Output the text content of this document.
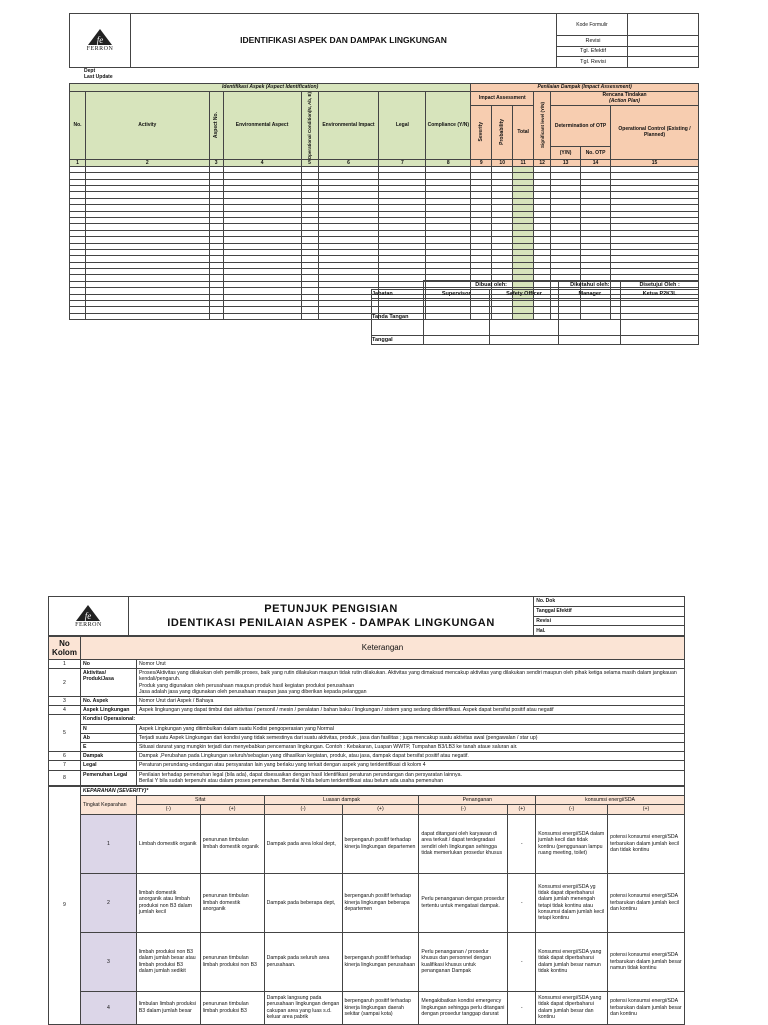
fe
FERRON	IDENTIFIKASI ASPEK DAN DAMPAK LINGKUNGAN	Kode Formulir	
		Revisi	
		Tgl. Efektif	
		Tgl. Revisi	
Dept
Last Update
Identifikasi Aspek (Aspect Identification)								Penilaian Dampak (Impact Assessment)						
No.	Activity	Aspect No.	Environmental Aspect	Operational Condition(N, Ab, E)	Environmental Impact	Legal	Compliance (Y/N)	Impact Assessment			Significant level (Y/N)	Rencana Tindakan
(Action Plan)		

								Severity	Probability	Total		Determination of OTP		Operational Control (Existing / Planned)
												(Y/N)	No. OTP	
1	2	3	4	5	6	7	8	9	10	11	12	13	14	15

	Dibuat oleh:		Diketahui oleh:	Disetujui Oleh :
Jabatan	Supervisor	Safety Officer	Manager	Ketua P2K3L
Tanda Tangan				
Tanggal				
fe
FERRON

PETUNJUK PENGISIAN
IDENTIKASI PENILAIAN ASPEK - DAMPAK LINGKUNGAN
	No. Dok
Tanggal Efektif
Revisi
Hal.
No Kolom	Keterangan	
1	No	Nomor Urut
2	Aktivitas/ Produk/Jasa	Proses/Aktivitas yang dilakukan oleh pemilik proses, baik yang rutin dilakukan maupun tidak rutin dilakukan. Aktivitas yang dimaksud mencakup aktivitas yang dilakukan sendiri maupun oleh pihak ketiga selama masih dalam jangkauan kendali/pengaruh.
Produk yang digunakan oleh perusahaan maupun produk hasil kegiatan produksi perusahaan
Jasa adalah jasa yang digunakan oleh perusahaan maupun jasa yang diberikan kepada pelanggan
3	No. Aspek	Nomor Urut dari Aspek / Bahaya
4	Aspek Lingkungan	Aspek lingkungan yang dapat timbul dari aktivitas / personil / mesin / peralatan / bahan baku / lingkungan / sistem yang sedang diidentifikasi. Aspek dapat bersifat positif atau negatif
5	Kondisi Operasional:	
	N	Aspek Lingkungan yang ditimbulkan dalam suatu Kodisi pengoperasian yang Normal
	Ab	Terjadi suatu Aspek Lingkungan dari kondisi yang tidak semestinya dari suatu aktivitas, produk , jasa dan fasilitas ; juga mencakup suatu aktivitas awal (pengawalan / star up)
	E	Situasi darurat yang mungkin terjadi dan menyebabkan pencemaran lingkungan. Contoh : Kebakaran, Luapan WWTP, Tumpahan B3/LB3 ke tanah ataue saluran air.
6	Dampak	Dampak ,Perubahan pada Lingkungan seluruh/sebagian yang dihasilkan kegiatan, produk, atau jasa, dampak dapat bersifat positif atau negatif.
7	Legal	Peraturan perundang-undangan atau persyaratan lain yang berlaku yang terkait dengan aspek yang teridentifikasi di kolom 4
8	Pemenuhan Legal	Penilaian terhadap pemenuhan legal (bila ada), dapat disesuaikan dengan hasil Identifikasi peraturan perundangan dan persyaratan lainnya.
Berilai Y bila sudah terpenuhi atau dalam proses pemenuhan. Bernilai N bila belum teridentifikasi atau belum ada usaha pemenuhan
9	KEPARAHAN (SEVERITY)*								
	Tingkat Keparahan	Sifat		Luasan dampak		Penanganan		konsumsi energi/SDA	
		(-)	(+)	(-)	(+)	(-)	(+)	(-)	(+)
	1	Limbah domestik organik	penurunan timbulan limbah domestik organik	Dampak pada area lokal dept,	berpengaruh positif terhadap kinerja lingkungan departemen	dapat ditangani oleh karyawan di area terkait / dapat terdegradasi sendiri oleh lingkungan sehingga tidak memerlukan prosedur khusus	-	Konsumsi energi/SDA dalam jumlah kecil dan tidak kontinu (penggunaan lampu ruang meeting, toilet)	potensi konsumsi energi/SDA terbarukan dalam jumlah kecil dan tidak kontinu
	2	limbah domestik anorganik atau limbah produksi non B3 dalam jumlah kecil	penurunan timbulan limbah domestik anorganik	Dampak pada beberapa dept,	berpengaruh positif terhadap kinerja lingkungan beberapa departemen	Perlu penanganan dengan prosedur tertentu untuk mengatasi dampak.	-	Konsumsi energi/SDA yg tidak dapat diperbaharui dalam jumlah menengah tetapi tidak kontinu atau konsumsi dalam jumlah kecil tetapi kontinu	potensi konsumsi energi/SDA terbarukan dalam jumlah kecil dan kontinu
	3	limbah produksi non B3 dalam jumlah besar atau limbah produksi B3 dalam jumlah sedikit	penurunan timbulan limbah produksi non B3	Dampak pada seluruh area perusahaan.	berpengaruh positif terhadap kinerja lingkungan perusahaan	Perlu penanganan / prosedur khusus dan personnel dengan kualifikasi khusus untuk penanganan Dampak	-	Konsumsi energi/SDA yang tidak dapat diperbaharui dalam jumlah besar namun tidak kontinu	potensi konsumsi energi/SDA terbarukan dalam jumlah besar namun tidak kontinu
	4	limbulan limbah produksi B3 dalam jumlah besar	penurunan timbulan limbah produksi B3	Dampak langsung pada perusahaan lingkungan dengan cakupan area yang luas s.d. keluar area pabrik	berpengaruh positif terhadap kinerja lingkungan daerah sekitar (sampai kota)	Mengakibatkan kondisi emergency lingkungan sehingga perlu ditangani dengan prosedur tanggap darurat	-	Konsumsi energi/SDA yang tidak dapat diperbaharui dalam jumlah besar dan kontinu	potensi konsumsi energi/SDA terbarukan dalam jumlah besar dan kontinu
